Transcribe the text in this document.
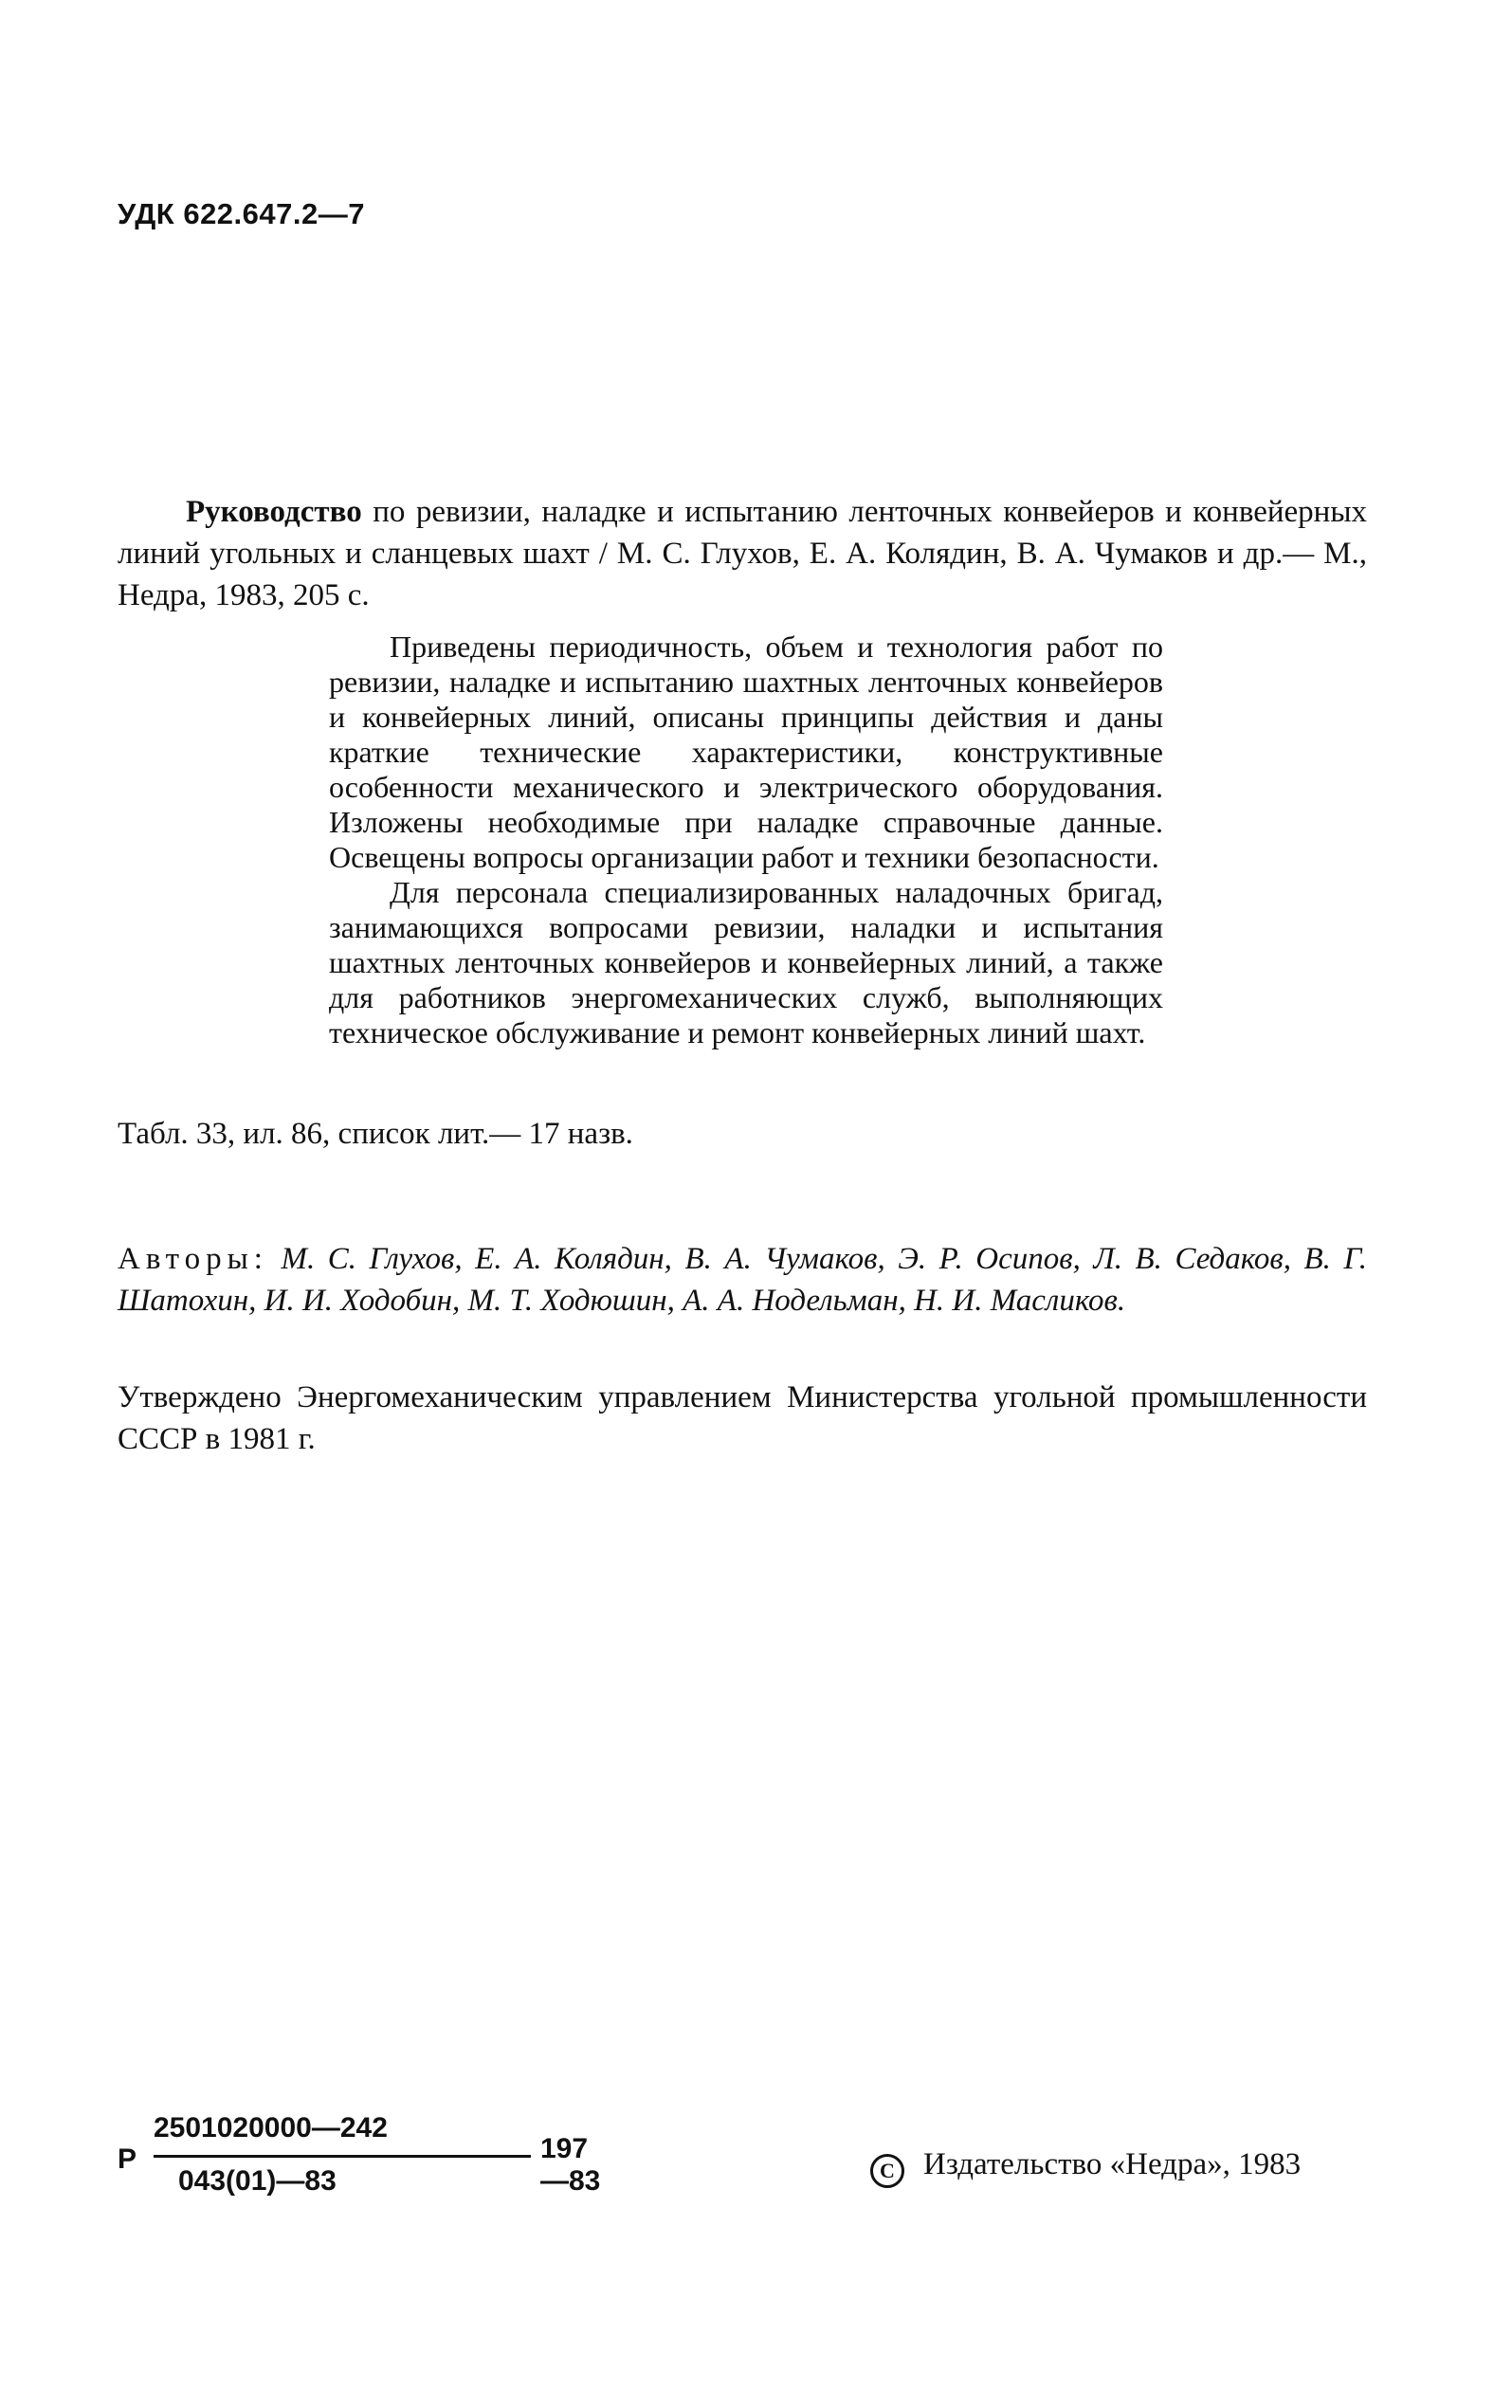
УДК 622.647.2—7
Руководство по ревизии, наладке и испытанию ленточных конвейеров и конвейерных линий угольных и сланцевых шахт / М. С. Глухов, Е. А. Колядин, В. А. Чумаков и др.— М., Недра, 1983, 205 с.

Приведены периодичность, объем и технология работ по ревизии, наладке и испытанию шахтных ленточных конвейеров и конвейерных линий, описаны принципы действия и даны краткие технические характеристики, конструктивные особенности механического и электрического оборудования. Изложены необходимые при наладке справочные данные. Освещены вопросы организации работ и техники безопасности.

Для персонала специализированных наладочных бригад, занимающихся вопросами ревизии, наладки и испытания шахтных ленточных конвейеров и конвейерных линий, а также для работников энергомеханических служб, выполняющих техническое обслуживание и ремонт конвейерных линий шахт.

Табл. 33, ил. 86, список лит.— 17 назв.
Авторы: М. С. Глухов, Е. А. Колядин, В. А. Чумаков, Э. Р. Осипов, Л. В. Седаков, В. Г. Шатохин, И. И. Ходобин, М. Т. Ходюшин, А. А. Нодельман, Н. И. Масликов.
Утверждено Энергомеханическим управлением Министерства угольной промышленности СССР в 1981 г.
Р
2501020000—242
043(01)—83
197—83	С Издательство «Недра», 1983
